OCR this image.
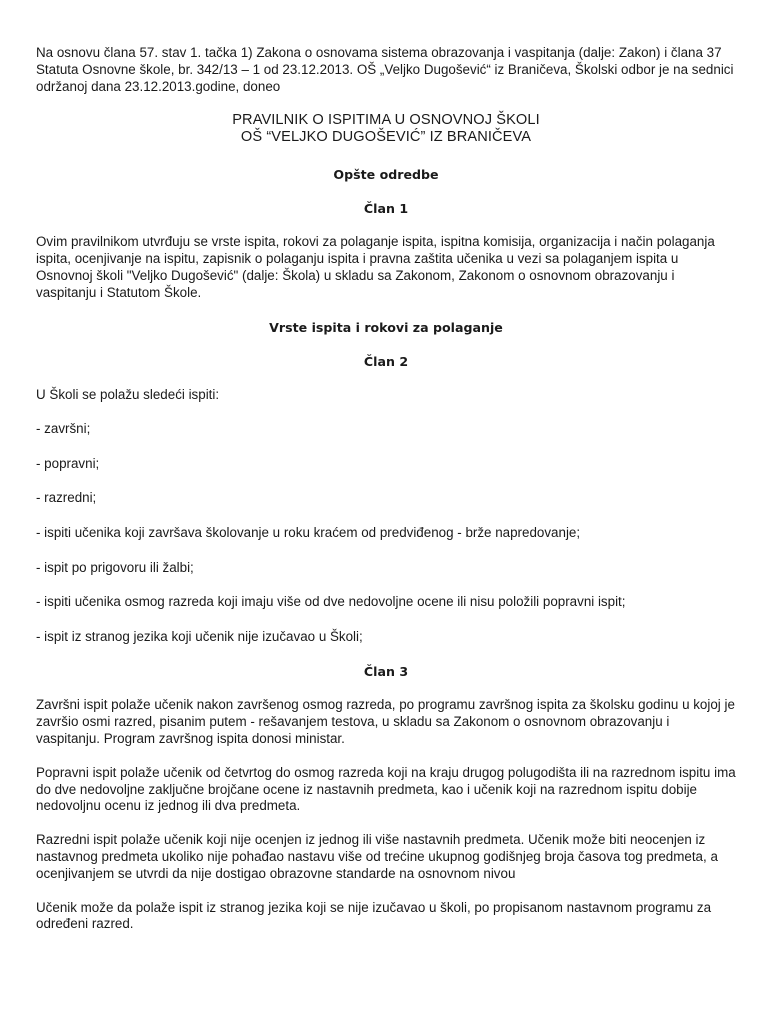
Na osnovu člana 57. stav 1. tačka 1) Zakona o osnovama sistema obrazovanja i vaspitanja (dalje: Zakon) i člana 37 Statuta Osnovne škole, br. 342/13 – 1 od 23.12.2013. OŠ „Veljko Dugošević“ iz Braničeva, Školski odbor je na sednici održanoj dana 23.12.2013.godine, doneo

PRAVILNIK O ISPITIMA U OSNOVNOJ ŠKOLI
OŠ “VELJKO DUGOŠEVIĆ” IZ BRANIČEVA
Opšte odredbe
Član 1

Ovim pravilnikom utvrđuju se vrste ispita, rokovi za polaganje ispita, ispitna komisija, organizacija i način polaganja ispita, ocenjivanje na ispitu, zapisnik o polaganju ispita i pravna zaštita učenika u vezi sa polaganjem ispita u Osnovnoj školi "Veljko Dugošević" (dalje: Škola) u skladu sa Zakonom, Zakonom o osnovnom obrazovanju i vaspitanju i Statutom Škole.

Vrste ispita i rokovi za polaganje
Član 2

U Školi se polažu sledeći ispiti:

- završni;

- popravni;

- razredni;

- ispiti učenika koji završava školovanje u roku kraćem od predviđenog - brže napredovanje;

- ispit po prigovoru ili žalbi;

- ispiti učenika osmog razreda koji imaju više od dve nedovoljne ocene ili nisu položili popravni ispit;

- ispit iz stranog jezika koji učenik nije izučavao u Školi;

Član 3

Završni ispit polaže učenik nakon završenog osmog razreda, po programu završnog ispita za školsku godinu u kojoj je završio osmi razred, pisanim putem - rešavanjem testova, u skladu sa Zakonom o osnovnom obrazovanju i vaspitanju. Program završnog ispita donosi ministar.

Popravni ispit polaže učenik od četvrtog do osmog razreda koji na kraju drugog polugodišta ili na razrednom ispitu ima do dve nedovoljne zaključne brojčane ocene iz nastavnih predmeta, kao i učenik koji na razrednom ispitu dobije nedovoljnu ocenu iz jednog ili dva predmeta.

Razredni ispit polaže učenik koji nije ocenjen iz jednog ili više nastavnih predmeta. Učenik može biti neocenjen iz nastavnog predmeta ukoliko nije pohađao nastavu više od trećine ukupnog godišnjeg broja časova tog predmeta, a ocenjivanjem se utvrdi da nije dostigao obrazovne standarde na osnovnom nivou

Učenik može da polaže ispit iz stranog jezika koji se nije izučavao u školi, po propisanom nastavnom programu za određeni razred.
